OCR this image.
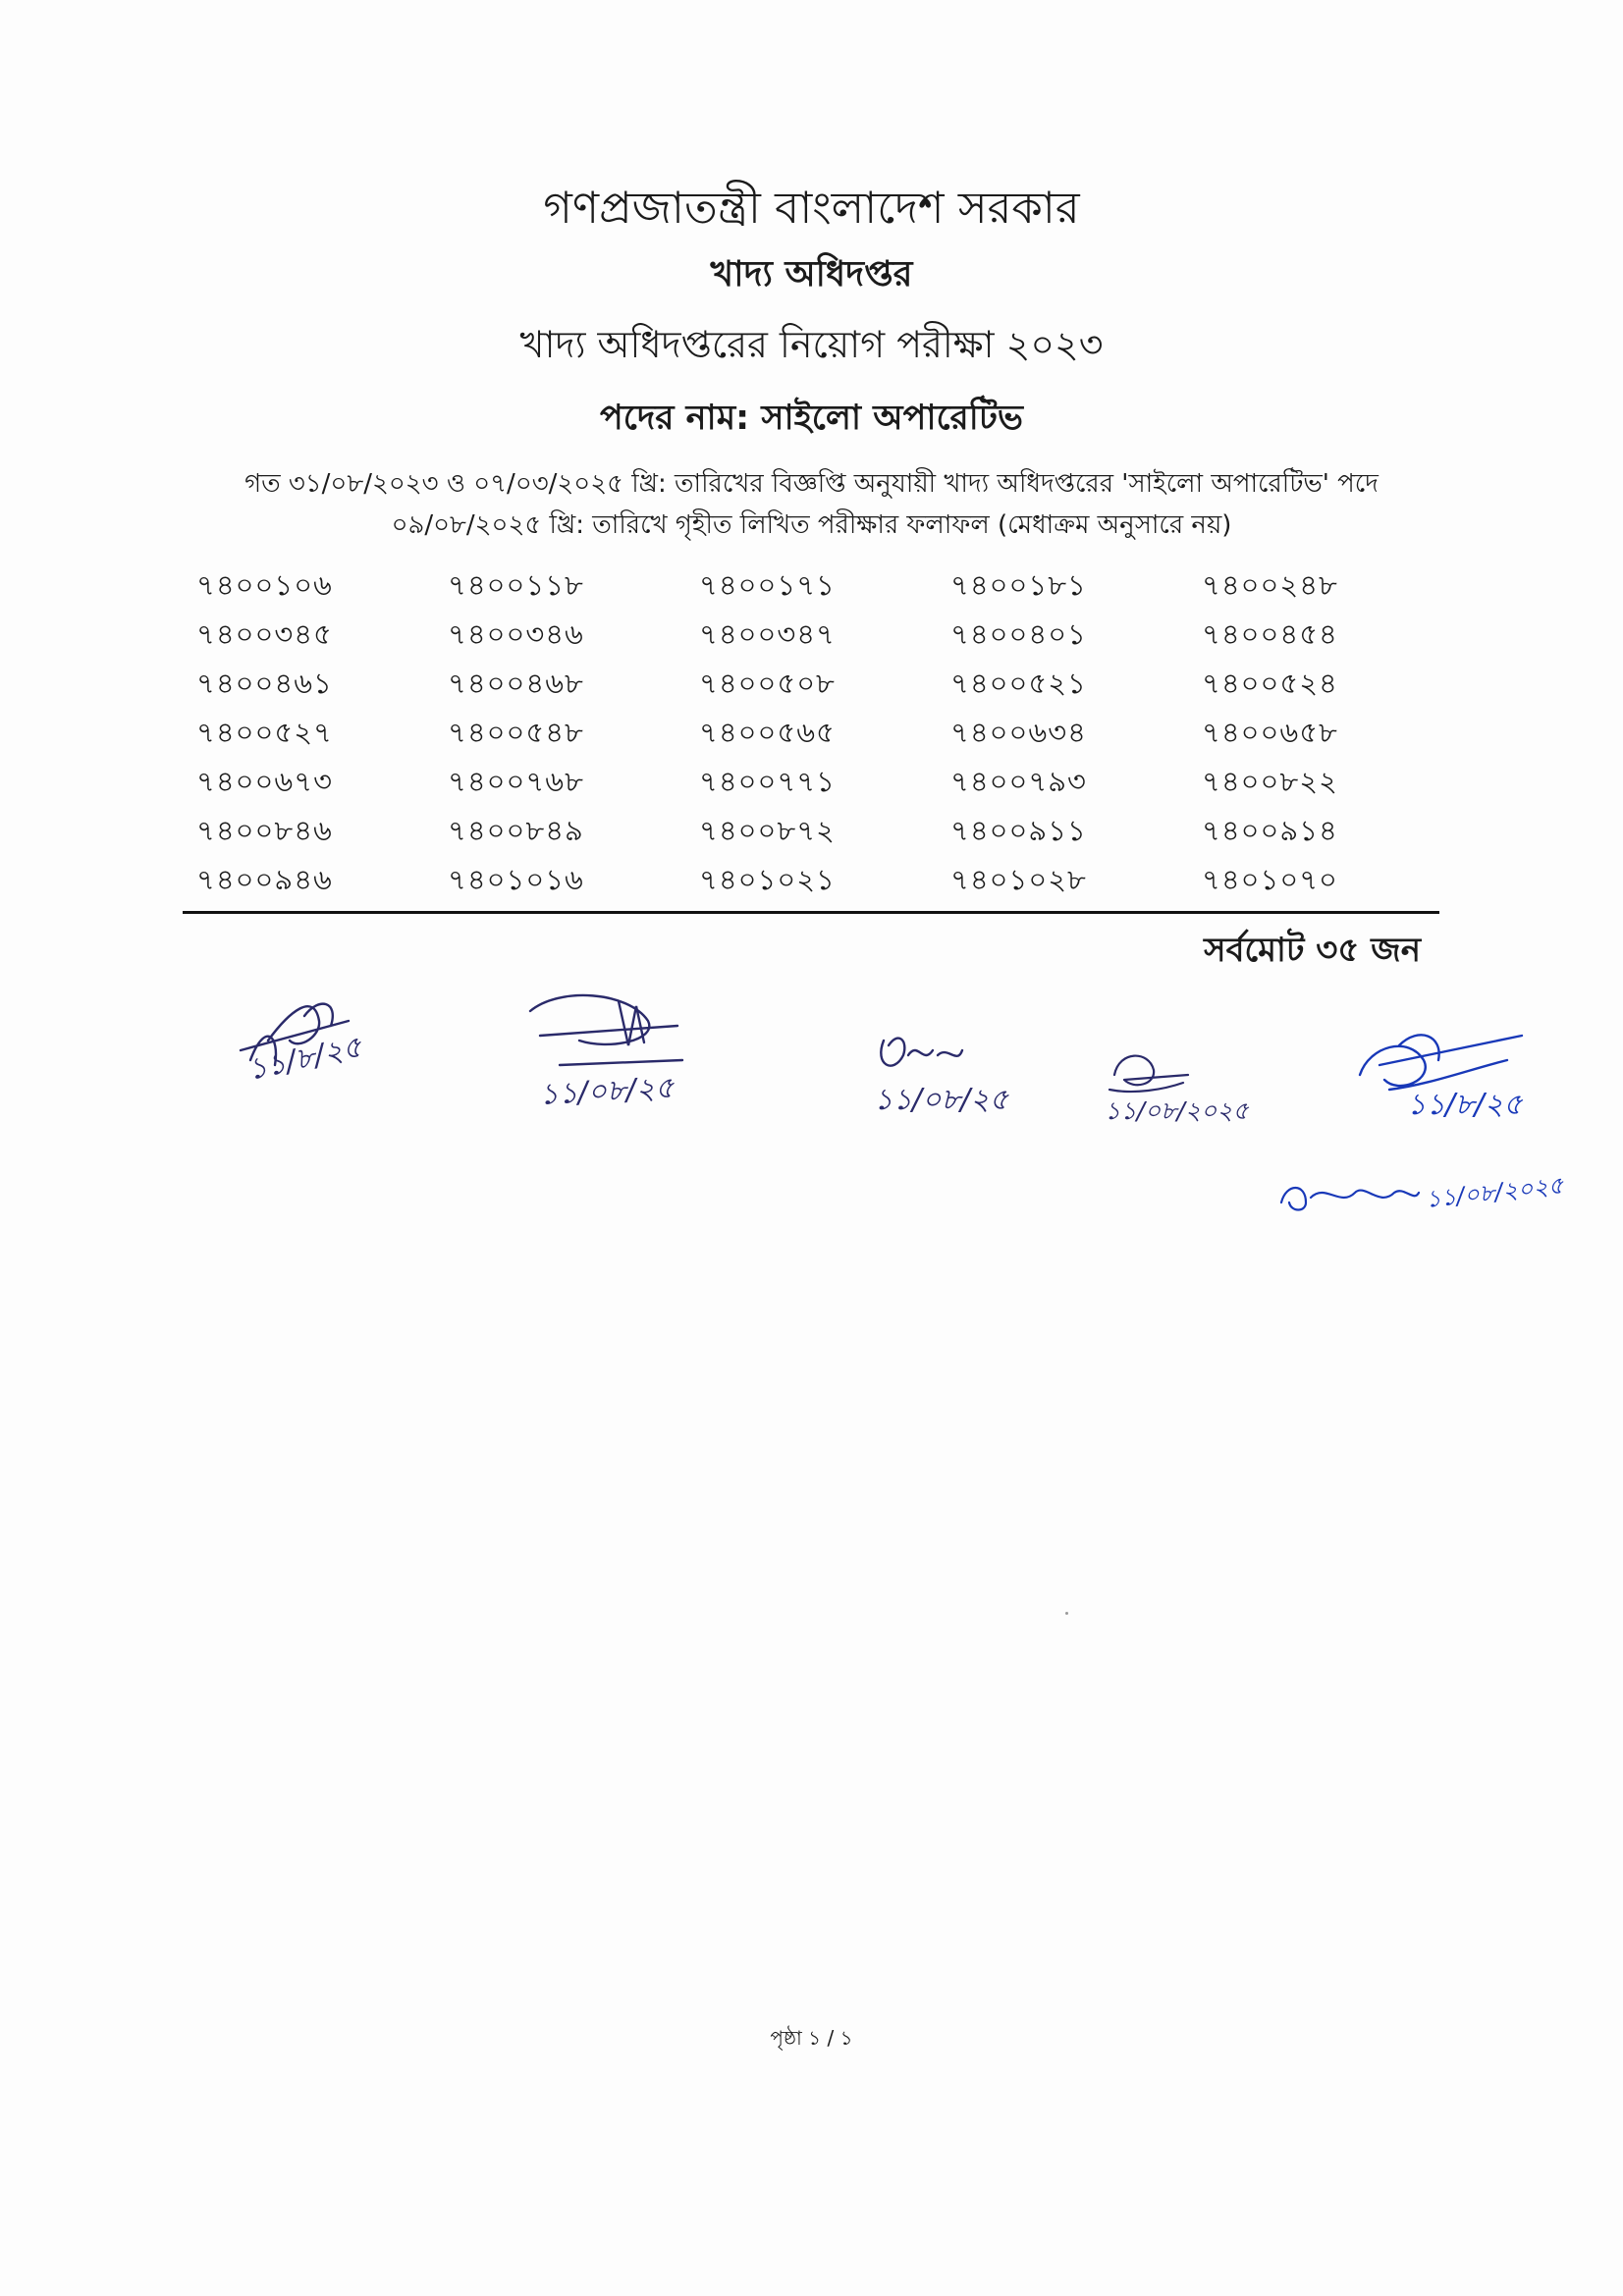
গণপ্রজাতন্ত্রী বাংলাদেশ সরকার
খাদ্য অধিদপ্তর
খাদ্য অধিদপ্তরের নিয়োগ পরীক্ষা ২০২৩
পদের নাম: সাইলো অপারেটিভ
গত ৩১/০৮/২০২৩ ও ০৭/০৩/২০২৫ খ্রি: তারিখের বিজ্ঞপ্তি অনুযায়ী খাদ্য অধিদপ্তরের 'সাইলো অপারেটিভ' পদে
০৯/০৮/২০২৫ খ্রি: তারিখে গৃহীত লিখিত পরীক্ষার ফলাফল (মেধাক্রম অনুসারে নয়)
৭৪০০১০৬	৭৪০০১১৮	৭৪০০১৭১	৭৪০০১৮১	৭৪০০২৪৮
৭৪০০৩৪৫	৭৪০০৩৪৬	৭৪০০৩৪৭	৭৪০০৪০১	৭৪০০৪৫৪
৭৪০০৪৬১	৭৪০০৪৬৮	৭৪০০৫০৮	৭৪০০৫২১	৭৪০০৫২৪
৭৪০০৫২৭	৭৪০০৫৪৮	৭৪০০৫৬৫	৭৪০০৬৩৪	৭৪০০৬৫৮
৭৪০০৬৭৩	৭৪০০৭৬৮	৭৪০০৭৭১	৭৪০০৭৯৩	৭৪০০৮২২
৭৪০০৮৪৬	৭৪০০৮৪৯	৭৪০০৮৭২	৭৪০০৯১১	৭৪০০৯১৪
৭৪০০৯৪৬	৭৪০১০১৬	৭৪০১০২১	৭৪০১০২৮	৭৪০১০৭০
সর্বমোট ৩৫ জন
১১/৮/২৫
১১/০৮/২৫	১১/০৮/২৫	১১/০৮/২০২৫	১১/৮/২৫
১১/০৮/২০২৫
পৃষ্ঠা ১ / ১
